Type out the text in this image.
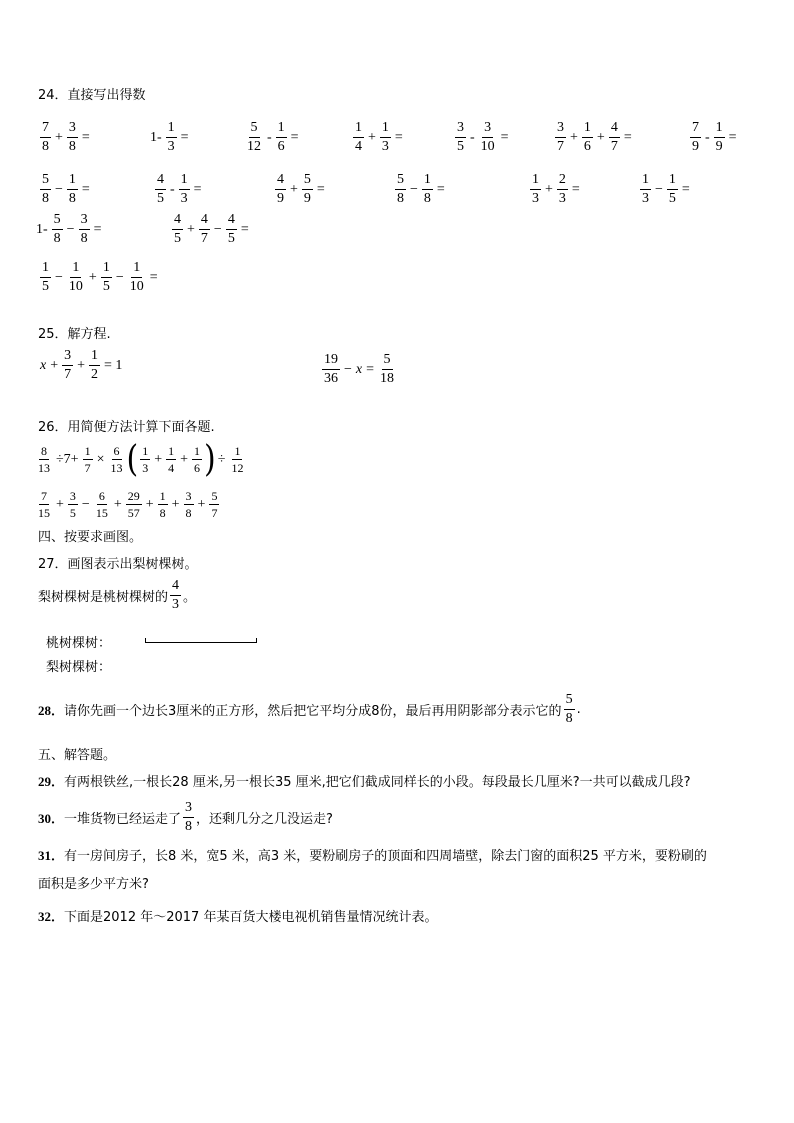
24．直接写出得数
$\frac{7}{8} + \frac{3}{8}$ =	$1- \frac{1}{3}$ =	$\frac{5}{12} - \frac{1}{6}$ =	$\frac{1}{4} + \frac{1}{3}$ =	$\frac{3}{5} - \frac{3}{10}$ =	$\frac{3}{7} + \frac{1}{6} + \frac{4}{7}$ =	$\frac{7}{9} - \frac{1}{9}$ =
$\frac{5}{8} - \frac{1}{8}$ =	$\frac{4}{5} - \frac{1}{3}$ =	$\frac{4}{9} + \frac{5}{9}$ =	$\frac{5}{8} - \frac{1}{8}$ =	$\frac{1}{3} + \frac{2}{3}$ =	$\frac{1}{3} - \frac{1}{5}$ =
$1- \frac{5}{8} - \frac{3}{8}$ =	$\frac{4}{5} + \frac{4}{7} - \frac{4}{5}$ =
$\frac{1}{5} - \frac{1}{10} + \frac{1}{5} - \frac{1}{10}$ =
25．解方程.
$x + \frac{3}{7} + \frac{1}{2} = 1$	$\frac{19}{36} - x = \frac{5}{18}$
26．用简便方法计算下面各题.
$\frac{8}{13} \div 7+ \frac{1}{7} \times \frac{6}{13}$ ( $\frac{1}{3} + \frac{1}{4} + \frac{1}{6}$ ) ÷ $\frac{1}{12}$
$\frac{7}{15} + \frac{3}{5} - \frac{6}{15} + \frac{29}{57} + \frac{1}{8} + \frac{3}{8} + \frac{5}{7}$
四、按要求画图。
27．画图表示出梨树棵树。
梨树棵树是桃树棵树的 $\frac{4}{3}$ 。
桃树棵树：
梨树棵树：
28． 请你先画一个边长3厘米的正方形，然后把它平均分成8份，最后再用阴影部分表示它的 $\frac{5}{8}$ .
五、解答题。
29．有两根铁丝,一根长28 厘米,另一根长35 厘米,把它们截成同样长的小段。每段最长几厘米?一共可以截成几段?
30． 一堆货物已经运走了 $\frac{3}{8}$ ，还剩几分之几没运走?
31．有一房间房子，长8 米，宽5 米，高3 米，要粉刷房子的顶面和四周墙壁，除去门窗的面积25 平方米，要粉刷的
面积是多少平方米?
32．下面是2012 年～2017 年某百货大楼电视机销售量情况统计表。
